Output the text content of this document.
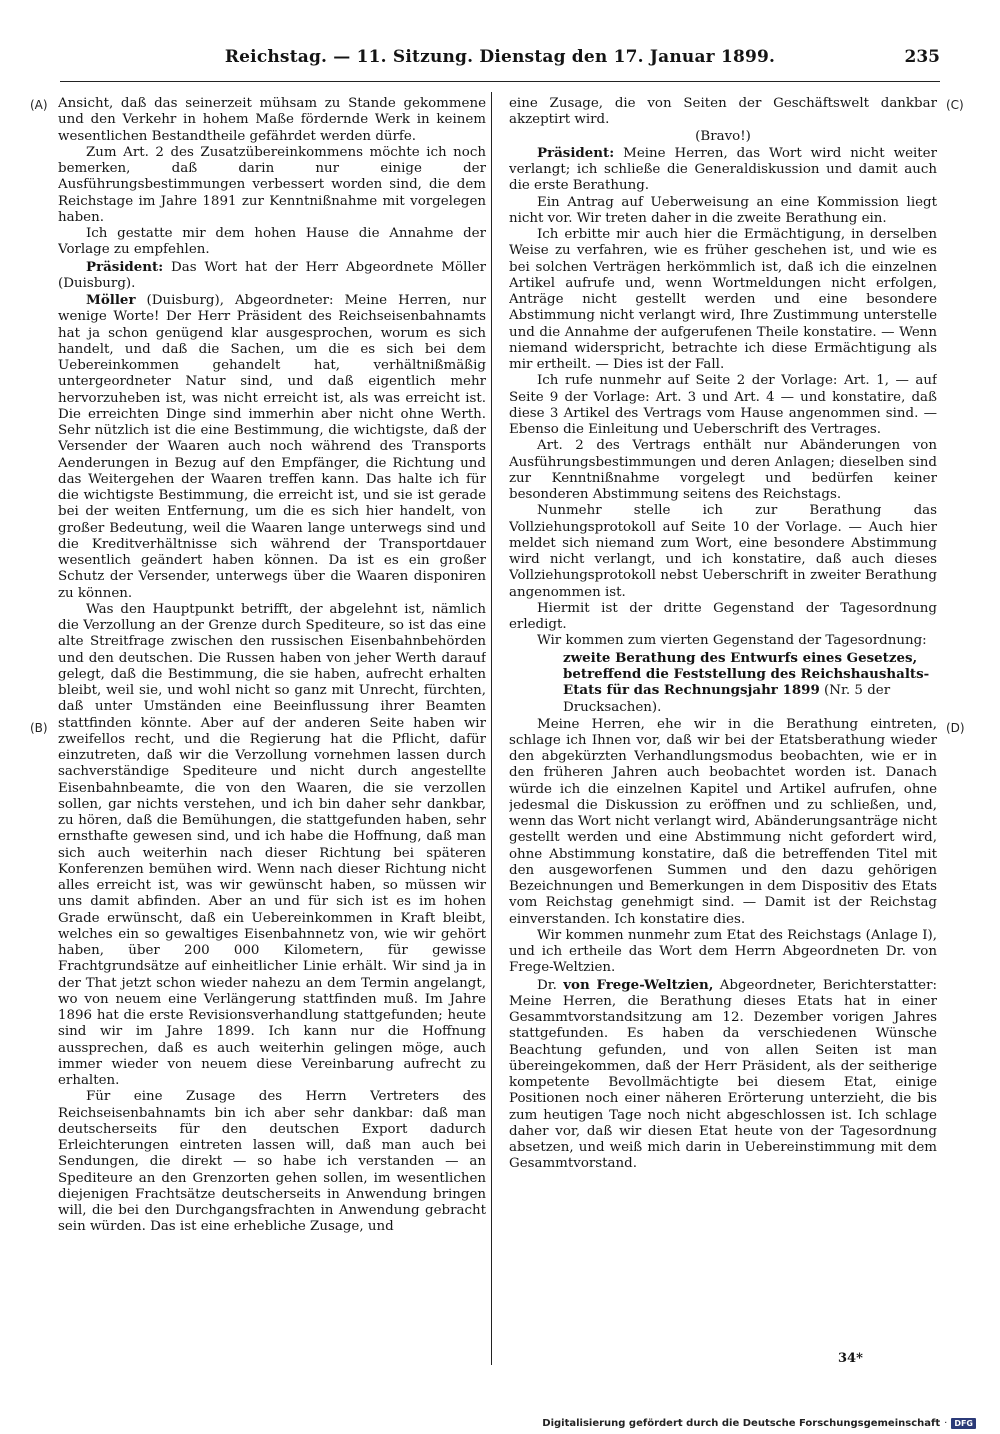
Reichstag. — 11. Sitzung. Dienstag den 17. Januar 1899.	235
(A)
(B)
(C)
(D)

Ansicht, daß das seinerzeit mühsam zu Stande gekommene und den Verkehr in hohem Maße fördernde Werk in keinem wesentlichen Bestandtheile gefährdet werden dürfe.

Zum Art. 2 des Zusatzübereinkommens möchte ich noch bemerken, daß darin nur einige der Ausführungsbestimmungen verbessert worden sind, die dem Reichstage im Jahre 1891 zur Kenntnißnahme mit vorgelegen haben.

Ich gestatte mir dem hohen Hause die Annahme der Vorlage zu empfehlen.

Präsident: Das Wort hat der Herr Abgeordnete Möller (Duisburg).

Möller (Duisburg), Abgeordneter: Meine Herren, nur wenige Worte! Der Herr Präsident des Reichseisenbahnamts hat ja schon genügend klar ausgesprochen, worum es sich handelt, und daß die Sachen, um die es sich bei dem Uebereinkommen gehandelt hat, verhältnißmäßig untergeordneter Natur sind, und daß eigentlich mehr hervorzuheben ist, was nicht erreicht ist, als was erreicht ist. Die erreichten Dinge sind immerhin aber nicht ohne Werth. Sehr nützlich ist die eine Bestimmung, die wichtigste, daß der Versender der Waaren auch noch während des Transports Aenderungen in Bezug auf den Empfänger, die Richtung und das Weitergehen der Waaren treffen kann. Das halte ich für die wichtigste Bestimmung, die erreicht ist, und sie ist gerade bei der weiten Entfernung, um die es sich hier handelt, von großer Bedeutung, weil die Waaren lange unterwegs sind und die Kreditverhältnisse sich während der Transportdauer wesentlich geändert haben können. Da ist es ein großer Schutz der Versender, unterwegs über die Waaren disponiren zu können.

Was den Hauptpunkt betrifft, der abgelehnt ist, nämlich die Verzollung an der Grenze durch Spediteure, so ist das eine alte Streitfrage zwischen den russischen Eisenbahnbehörden und den deutschen. Die Russen haben von jeher Werth darauf gelegt, daß die Bestimmung, die sie haben, aufrecht erhalten bleibt, weil sie, und wohl nicht so ganz mit Unrecht, fürchten, daß unter Umständen eine Beeinflussung ihrer Beamten stattfinden könnte. Aber auf der anderen Seite haben wir zweifellos recht, und die Regierung hat die Pflicht, dafür einzutreten, daß wir die Verzollung vornehmen lassen durch sachverständige Spediteure und nicht durch angestellte Eisenbahnbeamte, die von den Waaren, die sie verzollen sollen, gar nichts verstehen, und ich bin daher sehr dankbar, zu hören, daß die Bemühungen, die stattgefunden haben, sehr ernsthafte gewesen sind, und ich habe die Hoffnung, daß man sich auch weiterhin nach dieser Richtung bei späteren Konferenzen bemühen wird. Wenn nach dieser Richtung nicht alles erreicht ist, was wir gewünscht haben, so müssen wir uns damit abfinden. Aber an und für sich ist es im hohen Grade erwünscht, daß ein Uebereinkommen in Kraft bleibt, welches ein so gewaltiges Eisenbahnnetz von, wie wir gehört haben, über 200 000 Kilometern, für gewisse Frachtgrundsätze auf einheitlicher Linie erhält. Wir sind ja in der That jetzt schon wieder nahezu an dem Termin angelangt, wo von neuem eine Verlängerung stattfinden muß. Im Jahre 1896 hat die erste Revisionsverhandlung stattgefunden; heute sind wir im Jahre 1899. Ich kann nur die Hoffnung aussprechen, daß es auch weiterhin gelingen möge, auch immer wieder von neuem diese Vereinbarung aufrecht zu erhalten.

Für eine Zusage des Herrn Vertreters des Reichseisenbahnamts bin ich aber sehr dankbar: daß man deutscherseits für den deutschen Export dadurch Erleichterungen eintreten lassen will, daß man auch bei Sendungen, die direkt — so habe ich verstanden — an Spediteure an den Grenzorten gehen sollen, im wesentlichen diejenigen Frachtsätze deutscherseits in Anwendung bringen will, die bei den Durchgangsfrachten in Anwendung gebracht sein würden. Das ist eine erhebliche Zusage, und

eine Zusage, die von Seiten der Geschäftswelt dankbar akzeptirt wird.

(Bravo!)

Präsident: Meine Herren, das Wort wird nicht weiter verlangt; ich schließe die Generaldiskussion und damit auch die erste Berathung.

Ein Antrag auf Ueberweisung an eine Kommission liegt nicht vor. Wir treten daher in die zweite Berathung ein.

Ich erbitte mir auch hier die Ermächtigung, in derselben Weise zu verfahren, wie es früher geschehen ist, und wie es bei solchen Verträgen herkömmlich ist, daß ich die einzelnen Artikel aufrufe und, wenn Wortmeldungen nicht erfolgen, Anträge nicht gestellt werden und eine besondere Abstimmung nicht verlangt wird, Ihre Zustimmung unterstelle und die Annahme der aufgerufenen Theile konstatire. — Wenn niemand widerspricht, betrachte ich diese Ermächtigung als mir ertheilt. — Dies ist der Fall.

Ich rufe nunmehr auf Seite 2 der Vorlage: Art. 1, — auf Seite 9 der Vorlage: Art. 3 und Art. 4 — und konstatire, daß diese 3 Artikel des Vertrags vom Hause angenommen sind. — Ebenso die Einleitung und Ueberschrift des Vertrages.

Art. 2 des Vertrags enthält nur Abänderungen von Ausführungsbestimmungen und deren Anlagen; dieselben sind zur Kenntnißnahme vorgelegt und bedürfen keiner besonderen Abstimmung seitens des Reichstags.

Nunmehr stelle ich zur Berathung das Vollziehungsprotokoll auf Seite 10 der Vorlage. — Auch hier meldet sich niemand zum Wort, eine besondere Abstimmung wird nicht verlangt, und ich konstatire, daß auch dieses Vollziehungsprotokoll nebst Ueberschrift in zweiter Berathung angenommen ist.

Hiermit ist der dritte Gegenstand der Tagesordnung erledigt.

Wir kommen zum vierten Gegenstand der Tagesordnung:

zweite Berathung des Entwurfs eines Gesetzes, betreffend die Feststellung des Reichshaushalts-Etats für das Rechnungsjahr 1899 (Nr. 5 der Drucksachen).

Meine Herren, ehe wir in die Berathung eintreten, schlage ich Ihnen vor, daß wir bei der Etatsberathung wieder den abgekürzten Verhandlungsmodus beobachten, wie er in den früheren Jahren auch beobachtet worden ist. Danach würde ich die einzelnen Kapitel und Artikel aufrufen, ohne jedesmal die Diskussion zu eröffnen und zu schließen, und, wenn das Wort nicht verlangt wird, Abänderungsanträge nicht gestellt werden und eine Abstimmung nicht gefordert wird, ohne Abstimmung konstatire, daß die betreffenden Titel mit den ausgeworfenen Summen und den dazu gehörigen Bezeichnungen und Bemerkungen in dem Dispositiv des Etats vom Reichstag genehmigt sind. — Damit ist der Reichstag einverstanden. Ich konstatire dies.

Wir kommen nunmehr zum Etat des Reichstags (Anlage I), und ich ertheile das Wort dem Herrn Abgeordneten Dr. von Frege-Weltzien.

Dr. von Frege-Weltzien, Abgeordneter, Berichterstatter: Meine Herren, die Berathung dieses Etats hat in einer Gesammtvorstandsitzung am 12. Dezember vorigen Jahres stattgefunden. Es haben da verschiedenen Wünsche Beachtung gefunden, und von allen Seiten ist man übereingekommen, daß der Herr Präsident, als der seitherige kompetente Bevollmächtigte bei diesem Etat, einige Positionen noch einer näheren Erörterung unterzieht, die bis zum heutigen Tage noch nicht abgeschlossen ist. Ich schlage daher vor, daß wir diesen Etat heute von der Tagesordnung absetzen, und weiß mich darin in Uebereinstimmung mit dem Gesammtvorstand.

34*
Digitalisierung gefördert durch die Deutsche Forschungsgemeinschaft · DFG
